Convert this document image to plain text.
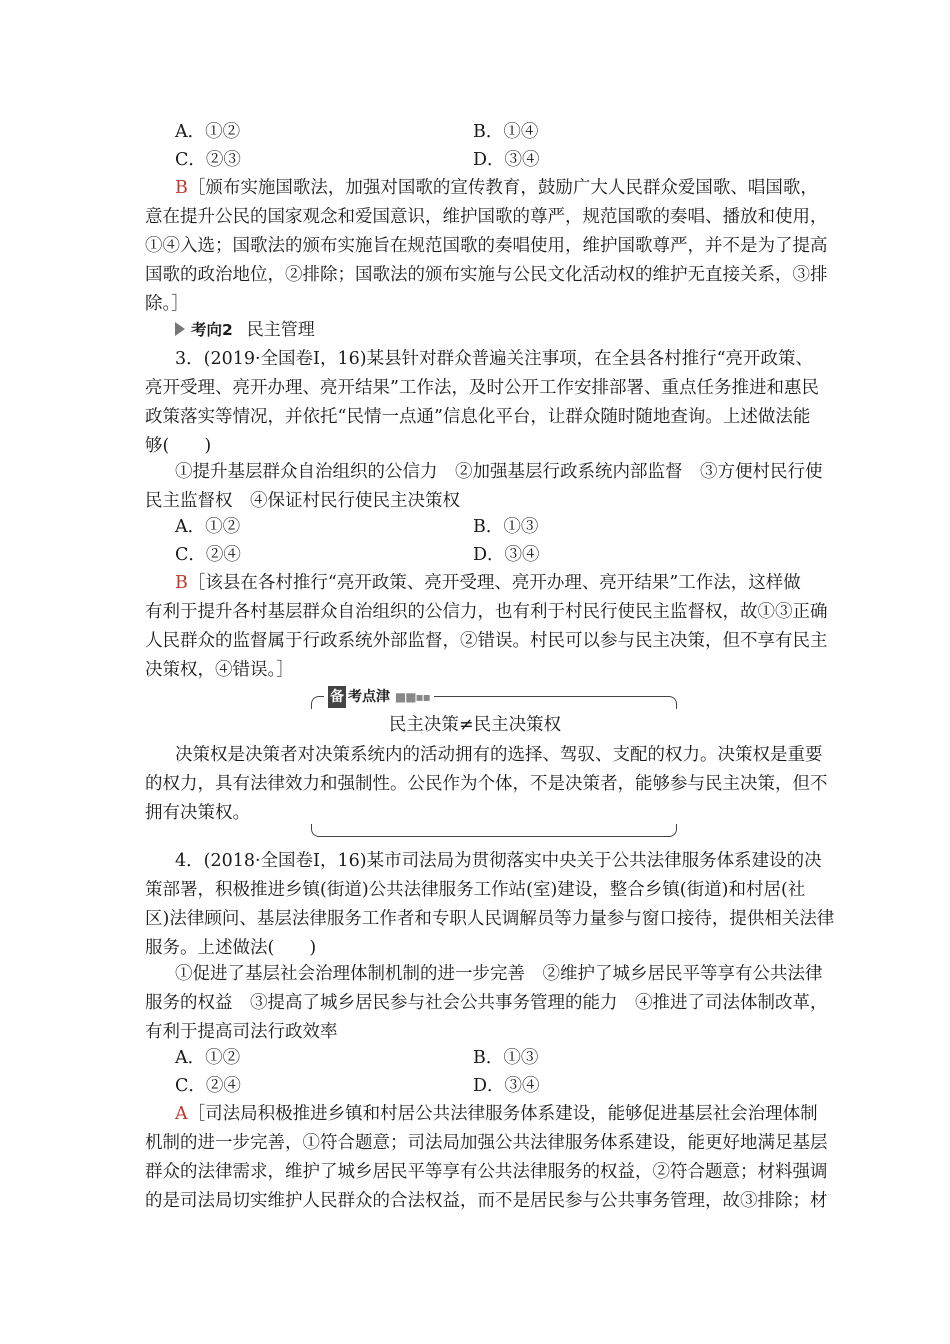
A．①②	B．①④
C．②③	D．③④
B［颁布实施国歌法，加强对国歌的宣传教育，鼓励广大人民群众爱国歌、唱国歌，
意在提升公民的国家观念和爱国意识，维护国歌的尊严，规范国歌的奏唱、播放和使用，
①④入选；国歌法的颁布实施旨在规范国歌的奏唱使用，维护国歌尊严，并不是为了提高
国歌的政治地位，②排除；国歌法的颁布实施与公民文化活动权的维护无直接关系，③排
除。］
考向2 民主管理
3．(2019·全国卷Ⅰ，16)某县针对群众普遍关注事项，在全县各村推行“亮开政策、
亮开受理、亮开办理、亮开结果”工作法，及时公开工作安排部署、重点任务推进和惠民
政策落实等情况，并依托“民情一点通”信息化平台，让群众随时随地查询。上述做法能
够(　　)
①提升基层群众自治组织的公信力　②加强基层行政系统内部监督　③方便村民行使
民主监督权　④保证村民行使民主决策权
A．①②	B．①③
C．②④	D．③④
B［该县在各村推行“亮开政策、亮开受理、亮开办理、亮开结果”工作法，这样做
有利于提升各村基层群众自治组织的公信力，也有利于村民行使民主监督权，故①③正确
人民群众的监督属于行政系统外部监督，②错误。村民可以参与民主决策，但不享有民主
决策权，④错误。］
备 考点津 ■■▪▪
民主决策≠民主决策权
决策权是决策者对决策系统内的活动拥有的选择、驾驭、支配的权力。决策权是重要
的权力，具有法律效力和强制性。公民作为个体，不是决策者，能够参与民主决策，但不
拥有决策权。
4．(2018·全国卷Ⅰ，16)某市司法局为贯彻落实中央关于公共法律服务体系建设的决
策部署，积极推进乡镇(街道)公共法律服务工作站(室)建设，整合乡镇(街道)和村居(社
区)法律顾问、基层法律服务工作者和专职人民调解员等力量参与窗口接待，提供相关法律
服务。上述做法(　　)
①促进了基层社会治理体制机制的进一步完善　②维护了城乡居民平等享有公共法律
服务的权益　③提高了城乡居民参与社会公共事务管理的能力　④推进了司法体制改革，
有利于提高司法行政效率
A．①②	B．①③
C．②④	D．③④
A［司法局积极推进乡镇和村居公共法律服务体系建设，能够促进基层社会治理体制
机制的进一步完善，①符合题意；司法局加强公共法律服务体系建设，能更好地满足基层
群众的法律需求，维护了城乡居民平等享有公共法律服务的权益，②符合题意；材料强调
的是司法局切实维护人民群众的合法权益，而不是居民参与公共事务管理，故③排除；材
